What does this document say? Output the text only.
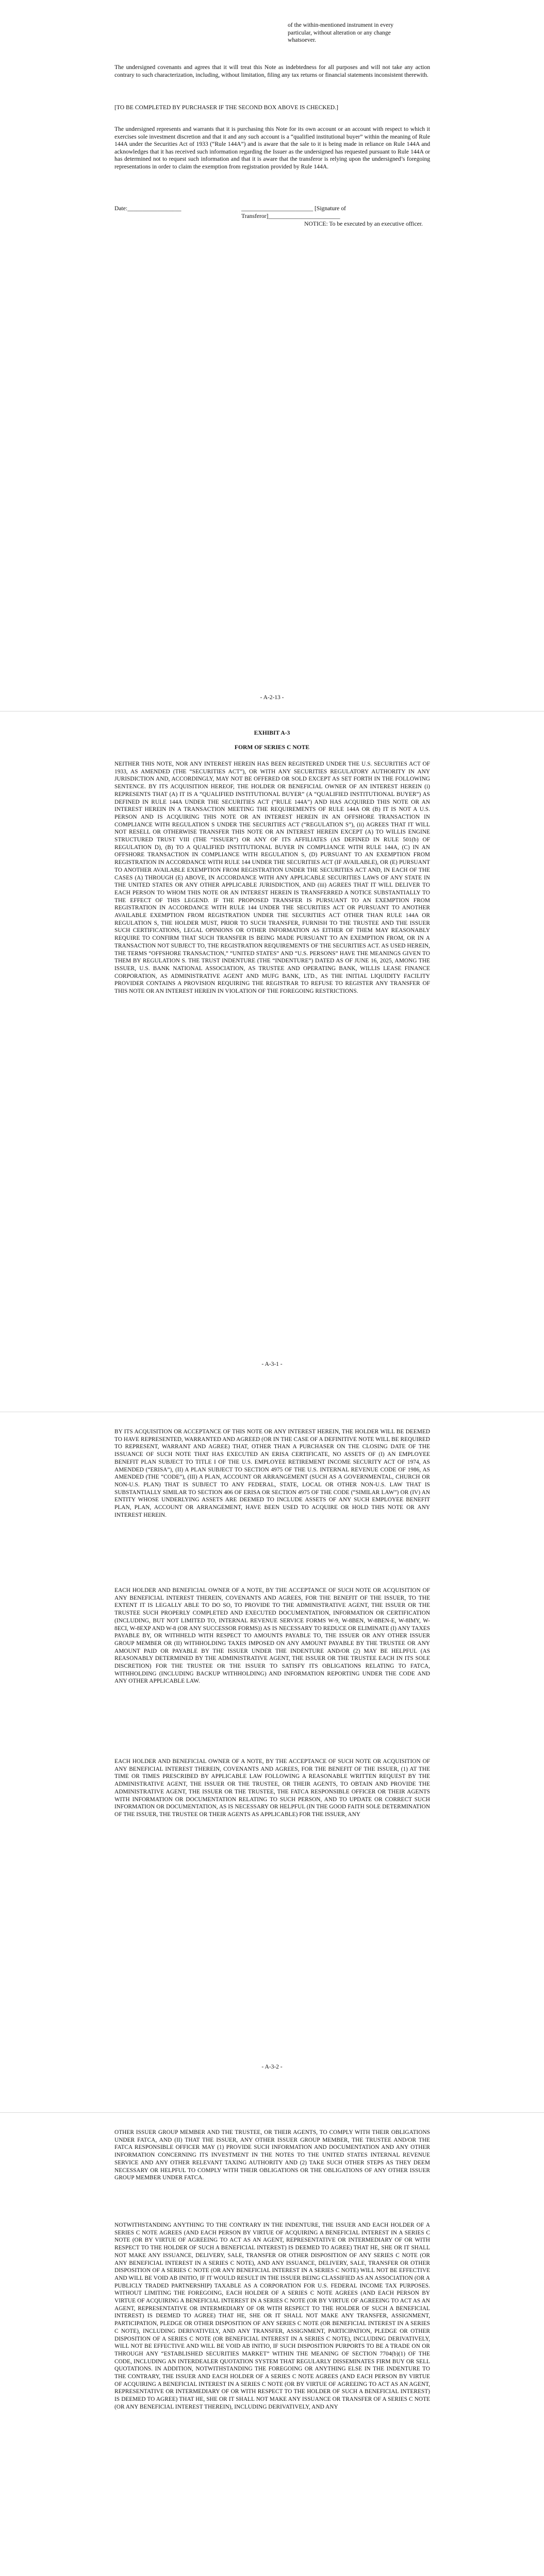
of the within-mentioned instrument in every particular, without alteration or any change whatsoever.

The undersigned covenants and agrees that it will treat this Note as indebtedness for all purposes and will not take any action contrary to such characterization, including, without limitation, filing any tax returns or financial statements inconsistent therewith.

[TO BE COMPLETED BY PURCHASER IF THE SECOND BOX ABOVE IS CHECKED.]

The undersigned represents and warrants that it is purchasing this Note for its own account or an account with respect to which it exercises sole investment discretion and that it and any such account is a “qualified institutional buyer” within the meaning of Rule 144A under the Securities Act of 1933 (“Rule 144A”) and is aware that the sale to it is being made in reliance on Rule 144A and acknowledges that it has received such information regarding the Issuer as the undersigned has requested pursuant to Rule 144A or has determined not to request such information and that it is aware that the transferor is relying upon the undersigned’s foregoing representations in order to claim the exemption from registration provided by Rule 144A.

Date:__________________	________________________ [Signature of Transferor]________________________

NOTICE: To be executed by an executive officer.

- A-2-13 -

EXHIBIT A-3

FORM OF SERIES C NOTE

NEITHER THIS NOTE, NOR ANY INTEREST HEREIN HAS BEEN REGISTERED UNDER THE U.S. SECURITIES ACT OF 1933, AS AMENDED (THE “SECURITIES ACT”), OR WITH ANY SECURITIES REGULATORY AUTHORITY IN ANY JURISDICTION AND, ACCORDINGLY, MAY NOT BE OFFERED OR SOLD EXCEPT AS SET FORTH IN THE FOLLOWING SENTENCE. BY ITS ACQUISITION HEREOF, THE HOLDER OR BENEFICIAL OWNER OF AN INTEREST HEREIN (i) REPRESENTS THAT (A) IT IS A “QUALIFIED INSTITUTIONAL BUYER” (A “QUALIFIED INSTITUTIONAL BUYER”) AS DEFINED IN RULE 144A UNDER THE SECURITIES ACT (“RULE 144A”) AND HAS ACQUIRED THIS NOTE OR AN INTEREST HEREIN IN A TRANSACTION MEETING THE REQUIREMENTS OF RULE 144A OR (B) IT IS NOT A U.S. PERSON AND IS ACQUIRING THIS NOTE OR AN INTEREST HEREIN IN AN OFFSHORE TRANSACTION IN COMPLIANCE WITH REGULATION S UNDER THE SECURITIES ACT (“REGULATION S”), (ii) AGREES THAT IT WILL NOT RESELL OR OTHERWISE TRANSFER THIS NOTE OR AN INTEREST HEREIN EXCEPT (A) TO WILLIS ENGINE STRUCTURED TRUST VIII (THE “ISSUER”) OR ANY OF ITS AFFILIATES (AS DEFINED IN RULE 501(b) OF REGULATION D), (B) TO A QUALIFIED INSTITUTIONAL BUYER IN COMPLIANCE WITH RULE 144A, (C) IN AN OFFSHORE TRANSACTION IN COMPLIANCE WITH REGULATION S, (D) PURSUANT TO AN EXEMPTION FROM REGISTRATION IN ACCORDANCE WITH RULE 144 UNDER THE SECURITIES ACT (IF AVAILABLE), OR (E) PURSUANT TO ANOTHER AVAILABLE EXEMPTION FROM REGISTRATION UNDER THE SECURITIES ACT AND, IN EACH OF THE CASES (A) THROUGH (E) ABOVE, IN ACCORDANCE WITH ANY APPLICABLE SECURITIES LAWS OF ANY STATE IN THE UNITED STATES OR ANY OTHER APPLICABLE JURISDICTION, AND (iii) AGREES THAT IT WILL DELIVER TO EACH PERSON TO WHOM THIS NOTE OR AN INTEREST HEREIN IS TRANSFERRED A NOTICE SUBSTANTIALLY TO THE EFFECT OF THIS LEGEND. IF THE PROPOSED TRANSFER IS PURSUANT TO AN EXEMPTION FROM REGISTRATION IN ACCORDANCE WITH RULE 144 UNDER THE SECURITIES ACT OR PURSUANT TO ANOTHER AVAILABLE EXEMPTION FROM REGISTRATION UNDER THE SECURITIES ACT OTHER THAN RULE 144A OR REGULATION S, THE HOLDER MUST, PRIOR TO SUCH TRANSFER, FURNISH TO THE TRUSTEE AND THE ISSUER SUCH CERTIFICATIONS, LEGAL OPINIONS OR OTHER INFORMATION AS EITHER OF THEM MAY REASONABLY REQUIRE TO CONFIRM THAT SUCH TRANSFER IS BEING MADE PURSUANT TO AN EXEMPTION FROM, OR IN A TRANSACTION NOT SUBJECT TO, THE REGISTRATION REQUIREMENTS OF THE SECURITIES ACT. AS USED HEREIN, THE TERMS “OFFSHORE TRANSACTION,” “UNITED STATES” AND “U.S. PERSONS” HAVE THE MEANINGS GIVEN TO THEM BY REGULATION S. THE TRUST INDENTURE (THE “INDENTURE”) DATED AS OF JUNE 16, 2025, AMONG THE ISSUER, U.S. BANK NATIONAL ASSOCIATION, AS TRUSTEE AND OPERATING BANK, WILLIS LEASE FINANCE CORPORATION, AS ADMINISTRATIVE AGENT AND MUFG BANK, LTD., AS THE INITIAL LIQUIDITY FACILITY PROVIDER CONTAINS A PROVISION REQUIRING THE REGISTRAR TO REFUSE TO REGISTER ANY TRANSFER OF THIS NOTE OR AN INTEREST HEREIN IN VIOLATION OF THE FOREGOING RESTRICTIONS.

- A-3-1 -

BY ITS ACQUISITION OR ACCEPTANCE OF THIS NOTE OR ANY INTEREST HEREIN, THE HOLDER WILL BE DEEMED TO HAVE REPRESENTED, WARRANTED AND AGREED (OR IN THE CASE OF A DEFINITIVE NOTE WILL BE REQUIRED TO REPRESENT, WARRANT AND AGREE) THAT, OTHER THAN A PURCHASER ON THE CLOSING DATE OF THE ISSUANCE OF SUCH NOTE THAT HAS EXECUTED AN ERISA CERTIFICATE, NO ASSETS OF (I) AN EMPLOYEE BENEFIT PLAN SUBJECT TO TITLE I OF THE U.S. EMPLOYEE RETIREMENT INCOME SECURITY ACT OF 1974, AS AMENDED (“ERISA”), (II) A PLAN SUBJECT TO SECTION 4975 OF THE U.S. INTERNAL REVENUE CODE OF 1986, AS AMENDED (THE “CODE”), (III) A PLAN, ACCOUNT OR ARRANGEMENT (SUCH AS A GOVERNMENTAL, CHURCH OR NON-U.S. PLAN) THAT IS SUBJECT TO ANY FEDERAL, STATE, LOCAL OR OTHER NON-U.S. LAW THAT IS SUBSTANTIALLY SIMILAR TO SECTION 406 OF ERISA OR SECTION 4975 OF THE CODE (“SIMILAR LAW”) OR (IV) AN ENTITY WHOSE UNDERLYING ASSETS ARE DEEMED TO INCLUDE ASSETS OF ANY SUCH EMPLOYEE BENEFIT PLAN, PLAN, ACCOUNT OR ARRANGEMENT, HAVE BEEN USED TO ACQUIRE OR HOLD THIS NOTE OR ANY INTEREST HEREIN.

EACH HOLDER AND BENEFICIAL OWNER OF A NOTE, BY THE ACCEPTANCE OF SUCH NOTE OR ACQUISITION OF ANY BENEFICIAL INTEREST THEREIN, COVENANTS AND AGREES, FOR THE BENEFIT OF THE ISSUER, TO THE EXTENT IT IS LEGALLY ABLE TO DO SO, TO PROVIDE TO THE ADMINISTRATIVE AGENT, THE ISSUER OR THE TRUSTEE SUCH PROPERLY COMPLETED AND EXECUTED DOCUMENTATION, INFORMATION OR CERTIFICATION (INCLUDING, BUT NOT LIMITED TO, INTERNAL REVENUE SERVICE FORMS W-9, W-8BEN, W-8BEN-E, W-8IMY, W-8ECI, W-8EXP AND W-8 (OR ANY SUCCESSOR FORMS)) AS IS NECESSARY TO REDUCE OR ELIMINATE (I) ANY TAXES PAYABLE BY, OR WITHHELD WITH RESPECT TO AMOUNTS PAYABLE TO, THE ISSUER OR ANY OTHER ISSUER GROUP MEMBER OR (II) WITHHOLDING TAXES IMPOSED ON ANY AMOUNT PAYABLE BY THE TRUSTEE OR ANY AMOUNT PAID OR PAYABLE BY THE ISSUER UNDER THE INDENTURE AND/OR (2) MAY BE HELPFUL (AS REASONABLY DETERMINED BY THE ADMINISTRATIVE AGENT, THE ISSUER OR THE TRUSTEE EACH IN ITS SOLE DISCRETION) FOR THE TRUSTEE OR THE ISSUER TO SATISFY ITS OBLIGATIONS RELATING TO FATCA, WITHHOLDING (INCLUDING BACKUP WITHHOLDING) AND INFORMATION REPORTING UNDER THE CODE AND ANY OTHER APPLICABLE LAW.

EACH HOLDER AND BENEFICIAL OWNER OF A NOTE, BY THE ACCEPTANCE OF SUCH NOTE OR ACQUISITION OF ANY BENEFICIAL INTEREST THEREIN, COVENANTS AND AGREES, FOR THE BENEFIT OF THE ISSUER, (1) AT THE TIME OR TIMES PRESCRIBED BY APPLICABLE LAW FOLLOWING A REASONABLE WRITTEN REQUEST BY THE ADMINISTRATIVE AGENT, THE ISSUER OR THE TRUSTEE, OR THEIR AGENTS, TO OBTAIN AND PROVIDE THE ADMINISTRATIVE AGENT, THE ISSUER OR THE TRUSTEE, THE FATCA RESPONSIBLE OFFICER OR THEIR AGENTS WITH INFORMATION OR DOCUMENTATION RELATING TO SUCH PERSON, AND TO UPDATE OR CORRECT SUCH INFORMATION OR DOCUMENTATION, AS IS NECESSARY OR HELPFUL (IN THE GOOD FAITH SOLE DETERMINATION OF THE ISSUER, THE TRUSTEE OR THEIR AGENTS AS APPLICABLE) FOR THE ISSUER, ANY

- A-3-2 -

OTHER ISSUER GROUP MEMBER AND THE TRUSTEE, OR THEIR AGENTS, TO COMPLY WITH THEIR OBLIGATIONS UNDER FATCA, AND (II) THAT THE ISSUER, ANY OTHER ISSUER GROUP MEMBER, THE TRUSTEE AND/OR THE FATCA RESPONSIBLE OFFICER MAY (1) PROVIDE SUCH INFORMATION AND DOCUMENTATION AND ANY OTHER INFORMATION CONCERNING ITS INVESTMENT IN THE NOTES TO THE UNITED STATES INTERNAL REVENUE SERVICE AND ANY OTHER RELEVANT TAXING AUTHORITY AND (2) TAKE SUCH OTHER STEPS AS THEY DEEM NECESSARY OR HELPFUL TO COMPLY WITH THEIR OBLIGATIONS OR THE OBLIGATIONS OF ANY OTHER ISSUER GROUP MEMBER UNDER FATCA.

NOTWITHSTANDING ANYTHING TO THE CONTRARY IN THE INDENTURE, THE ISSUER AND EACH HOLDER OF A SERIES C NOTE AGREES (AND EACH PERSON BY VIRTUE OF ACQUIRING A BENEFICIAL INTEREST IN A SERIES C NOTE (OR BY VIRTUE OF AGREEING TO ACT AS AN AGENT, REPRESENTATIVE OR INTERMEDIARY OF OR WITH RESPECT TO THE HOLDER OF SUCH A BENEFICIAL INTEREST) IS DEEMED TO AGREE) THAT HE, SHE OR IT SHALL NOT MAKE ANY ISSUANCE, DELIVERY, SALE, TRANSFER OR OTHER DISPOSITION OF ANY SERIES C NOTE (OR ANY BENEFICIAL INTEREST IN A SERIES C NOTE), AND ANY ISSUANCE, DELIVERY, SALE, TRANSFER OR OTHER DISPOSITION OF A SERIES C NOTE (OR ANY BENEFICIAL INTEREST IN A SERIES C NOTE) WILL NOT BE EFFECTIVE AND WILL BE VOID AB INITIO, IF IT WOULD RESULT IN THE ISSUER BEING CLASSIFIED AS AN ASSOCIATION (OR A PUBLICLY TRADED PARTNERSHIP) TAXABLE AS A CORPORATION FOR U.S. FEDERAL INCOME TAX PURPOSES. WITHOUT LIMITING THE FOREGOING, EACH HOLDER OF A SERIES C NOTE AGREES (AND EACH PERSON BY VIRTUE OF ACQUIRING A BENEFICIAL INTEREST IN A SERIES C NOTE (OR BY VIRTUE OF AGREEING TO ACT AS AN AGENT, REPRESENTATIVE OR INTERMEDIARY OF OR WITH RESPECT TO THE HOLDER OF SUCH A BENEFICIAL INTEREST) IS DEEMED TO AGREE) THAT HE, SHE OR IT SHALL NOT MAKE ANY TRANSFER, ASSIGNMENT, PARTICIPATION, PLEDGE OR OTHER DISPOSITION OF ANY SERIES C NOTE (OR BENEFICIAL INTEREST IN A SERIES C NOTE), INCLUDING DERIVATIVELY, AND ANY TRANSFER, ASSIGNMENT, PARTICIPATION, PLEDGE OR OTHER DISPOSITION OF A SERIES C NOTE (OR BENEFICIAL INTEREST IN A SERIES C NOTE), INCLUDING DERIVATIVELY, WILL NOT BE EFFECTIVE AND WILL BE VOID AB INITIO, IF SUCH DISPOSITION PURPORTS TO BE A TRADE ON OR THROUGH ANY “ESTABLISHED SECURITIES MARKET” WITHIN THE MEANING OF SECTION 7704(b)(1) OF THE CODE, INCLUDING AN INTERDEALER QUOTATION SYSTEM THAT REGULARLY DISSEMINATES FIRM BUY OR SELL QUOTATIONS. IN ADDITION, NOTWITHSTANDING THE FOREGOING OR ANYTHING ELSE IN THE INDENTURE TO THE CONTRARY, THE ISSUER AND EACH HOLDER OF A SERIES C NOTE AGREES (AND EACH PERSON BY VIRTUE OF ACQUIRING A BENEFICIAL INTEREST IN A SERIES C NOTE (OR BY VIRTUE OF AGREEING TO ACT AS AN AGENT, REPRESENTATIVE OR INTERMEDIARY OF OR WITH RESPECT TO THE HOLDER OF SUCH A BENEFICIAL INTEREST) IS DEEMED TO AGREE) THAT HE, SHE OR IT SHALL NOT MAKE ANY ISSUANCE OR TRANSFER OF A SERIES C NOTE (OR ANY BENEFICIAL INTEREST THEREIN), INCLUDING DERIVATIVELY, AND ANY
